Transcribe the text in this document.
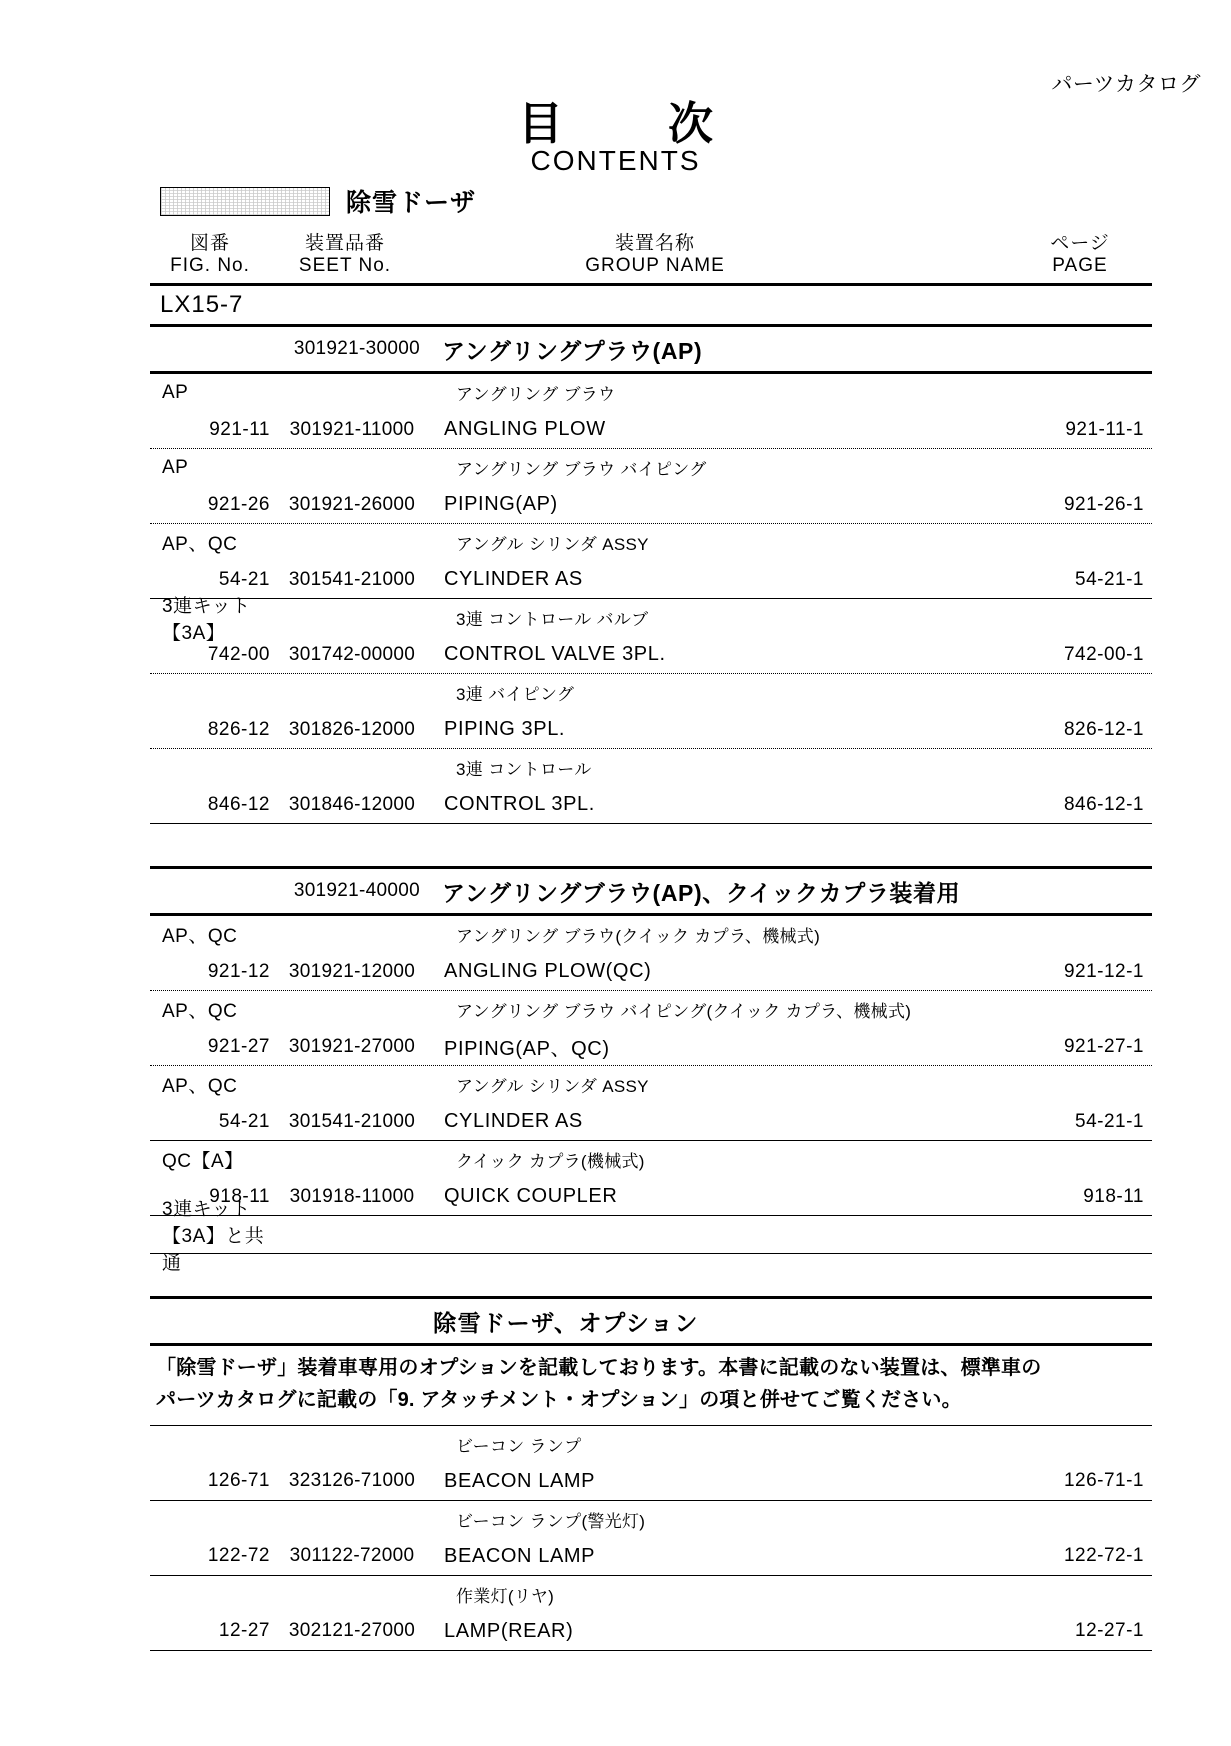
パーツカタログ
目　次
CONTENTS
除雪ドーザ
図番	装置品番	装置名称	ページ
FIG. No.	SEET No.	GROUP NAME	PAGE
LX15-7
301921-30000 アングリングプラウ(AP)
AP	アングリング ブラウ
921-11	301921-11000	ANGLING PLOW	921-11-1
AP	アングリング ブラウ バイピング
921-26 301921-26000	PIPING(AP)	921-26-1
AP、QC	アングル シリンダ ASSY
54-21 301541-21000	CYLINDER AS	54-21-1
3連キット【3A】
3連 コントロール バルブ
742-00 301742-00000	CONTROL VALVE 3PL.	742-00-1
3連 バイピング
826-12 301826-12000	PIPING 3PL.	826-12-1
3連 コントロール
846-12 301846-12000	CONTROL 3PL.	846-12-1
301921-40000 アングリングブラウ(AP)、クイックカプラ装着用
AP、QC	アングリング ブラウ(クイック カプラ、機械式)
921-12 301921-12000	ANGLING PLOW(QC)	921-12-1
AP、QC	アングリング ブラウ バイピング(クイック カプラ、機械式)
921-27 301921-27000	PIPING(AP、QC)	921-27-1
AP、QC	アングル シリンダ ASSY
54-21 301541-21000	CYLINDER AS	54-21-1
QC【A】	クイック カプラ(機械式)
918-11	301918-11000	QUICK COUPLER	918-11
3連キット【3A】と共通
除雪ドーザ、オプション
「除雪ドーザ」装着車専用のオプションを記載しております。本書に記載のない装置は、標準車の
パーツカタログに記載の「9. アタッチメント・オプション」の項と併せてご覧ください。
ビーコン ランプ
126-71 323126-71000	BEACON LAMP	126-71-1
ビーコン ランプ(警光灯)
122-72	301122-72000	BEACON LAMP	122-72-1
作業灯(リヤ)
12-27 302121-27000	LAMP(REAR)	12-27-1
